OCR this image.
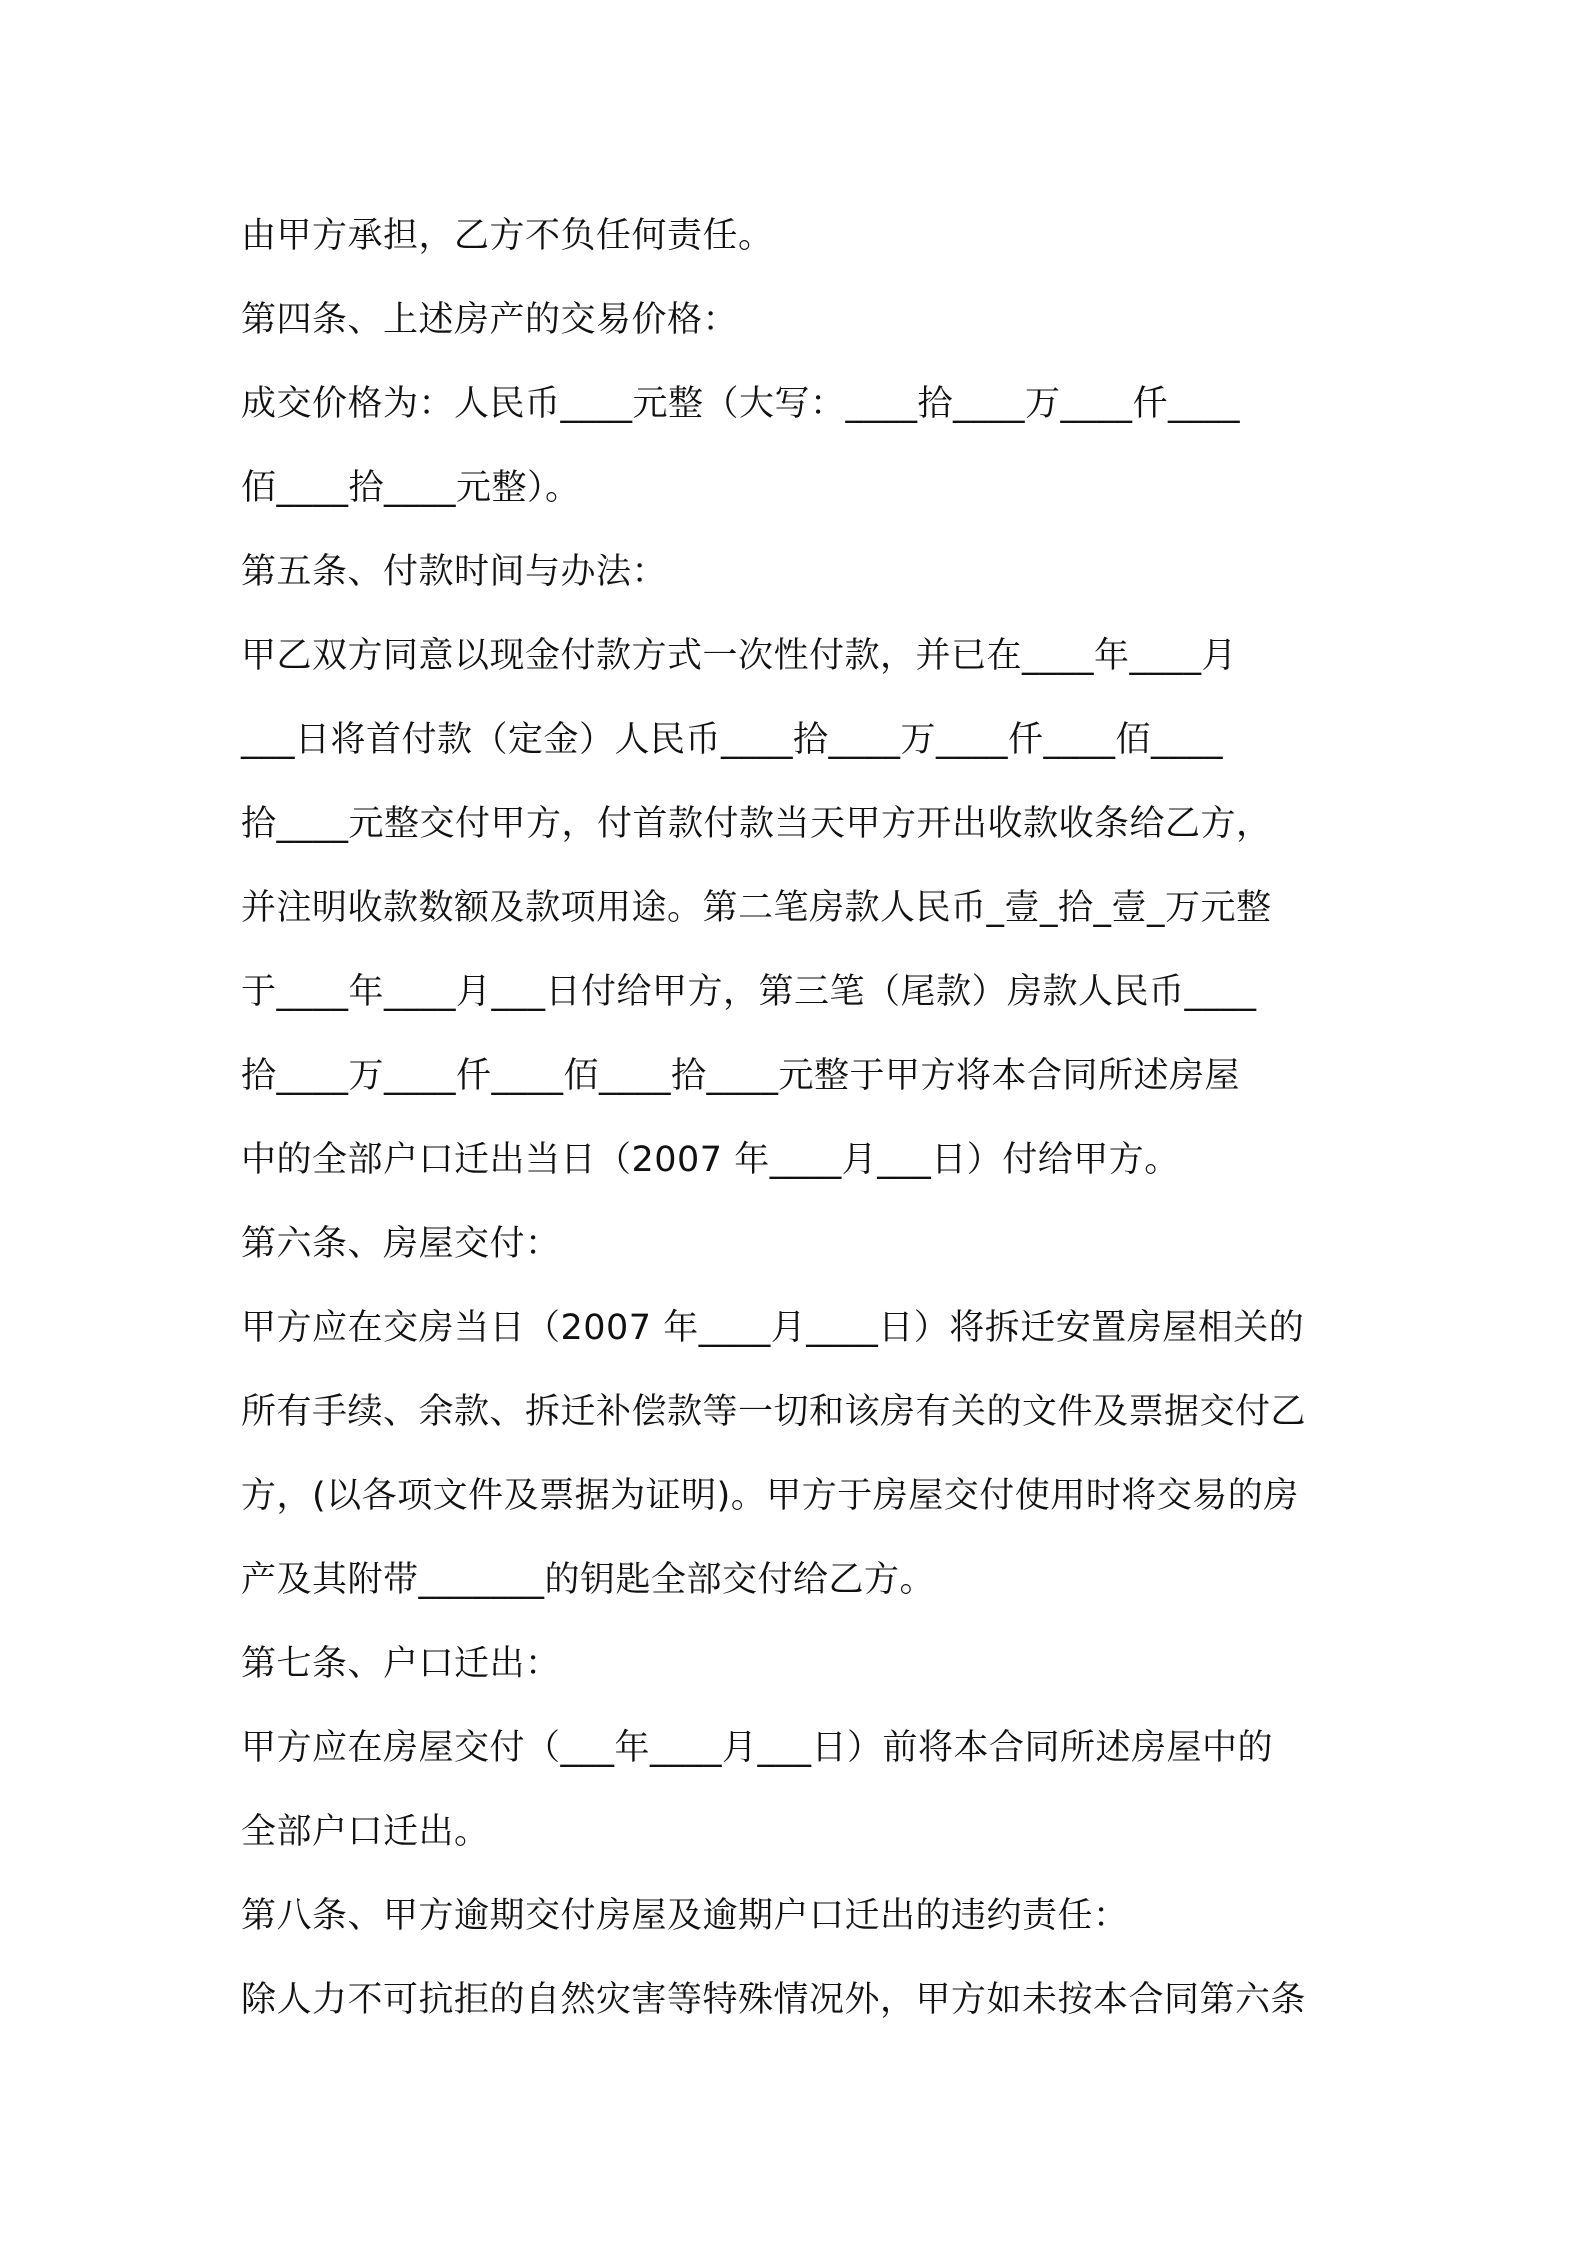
由甲方承担，乙方不负任何责任。
第四条、上述房产的交易价格：
成交价格为：人民币____元整（大写：____拾____万____仟____
佰____拾____元整）。
第五条、付款时间与办法：
甲乙双方同意以现金付款方式一次性付款，并已在____年____月
___日将首付款（定金）人民币____拾____万____仟____佰____
拾____元整交付甲方，付首款付款当天甲方开出收款收条给乙方，
并注明收款数额及款项用途。第二笔房款人民币_壹_拾_壹_万元整
于____年____月___日付给甲方，第三笔（尾款）房款人民币____
拾____万____仟____佰____拾____元整于甲方将本合同所述房屋
中的全部户口迁出当日（2007 年____月___日）付给甲方。
第六条、房屋交付：
甲方应在交房当日（2007 年____月____日）将拆迁安置房屋相关的
所有手续、余款、拆迁补偿款等一切和该房有关的文件及票据交付乙
方，(以各项文件及票据为证明)。甲方于房屋交付使用时将交易的房
产及其附带_______的钥匙全部交付给乙方。
第七条、户口迁出：
甲方应在房屋交付（___年____月___日）前将本合同所述房屋中的
全部户口迁出。
第八条、甲方逾期交付房屋及逾期户口迁出的违约责任：
除人力不可抗拒的自然灾害等特殊情况外，甲方如未按本合同第六条
